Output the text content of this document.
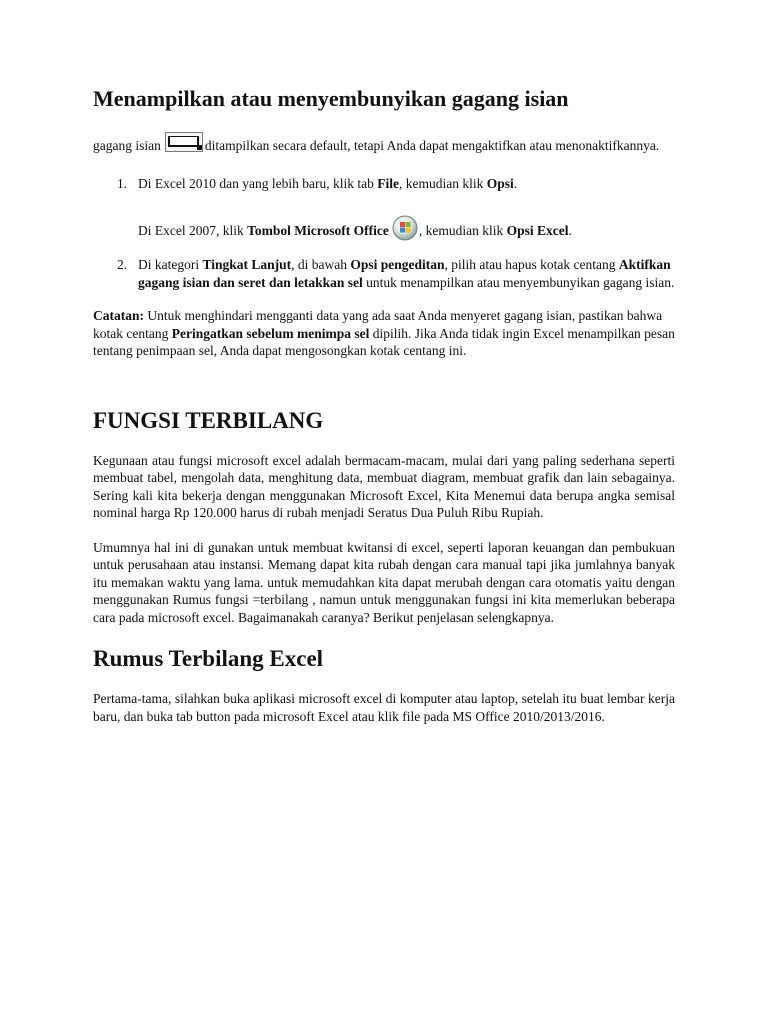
Menampilkan atau menyembunyikan gagang isian

gagang isian	ditampilkan secara default, tetapi Anda dapat mengaktifkan atau menonaktifkannya.

1. Di Excel 2010 dan yang lebih baru, klik tab File, kemudian klik Opsi.

Di Excel 2007, klik Tombol Microsoft Office , kemudian klik Opsi Excel.

2. Di kategori Tingkat Lanjut, di bawah Opsi pengeditan, pilih atau hapus kotak centang Aktifkan gagang isian dan seret dan letakkan sel untuk menampilkan atau menyembunyikan gagang isian.

Catatan: Untuk menghindari mengganti data yang ada saat Anda menyeret gagang isian, pastikan bahwa kotak centang Peringatkan sebelum menimpa sel dipilih. Jika Anda tidak ingin Excel menampilkan pesan tentang penimpaan sel, Anda dapat mengosongkan kotak centang ini.

FUNGSI TERBILANG

Kegunaan atau fungsi microsoft excel adalah bermacam-macam, mulai dari yang paling sederhana seperti membuat tabel, mengolah data, menghitung data, membuat diagram, membuat grafik dan lain sebagainya. Sering kali kita bekerja dengan menggunakan Microsoft Excel, Kita Menemui data berupa angka semisal nominal harga Rp 120.000 harus di rubah menjadi Seratus Dua Puluh Ribu Rupiah.

Umumnya hal ini di gunakan untuk membuat kwitansi di excel, seperti laporan keuangan dan pembukuan untuk perusahaan atau instansi. Memang dapat kita rubah dengan cara manual tapi jika jumlahnya banyak itu memakan waktu yang lama. untuk memudahkan kita dapat merubah dengan cara otomatis yaitu dengan menggunakan Rumus fungsi =terbilang , namun untuk menggunakan fungsi ini kita memerlukan beberapa cara pada microsoft excel. Bagaimanakah caranya? Berikut penjelasan selengkapnya.

Rumus Terbilang Excel

Pertama-tama, silahkan buka aplikasi microsoft excel di komputer atau laptop, setelah itu buat lembar kerja baru, dan buka tab button pada microsoft Excel atau klik file pada MS Office 2010/2013/2016.
